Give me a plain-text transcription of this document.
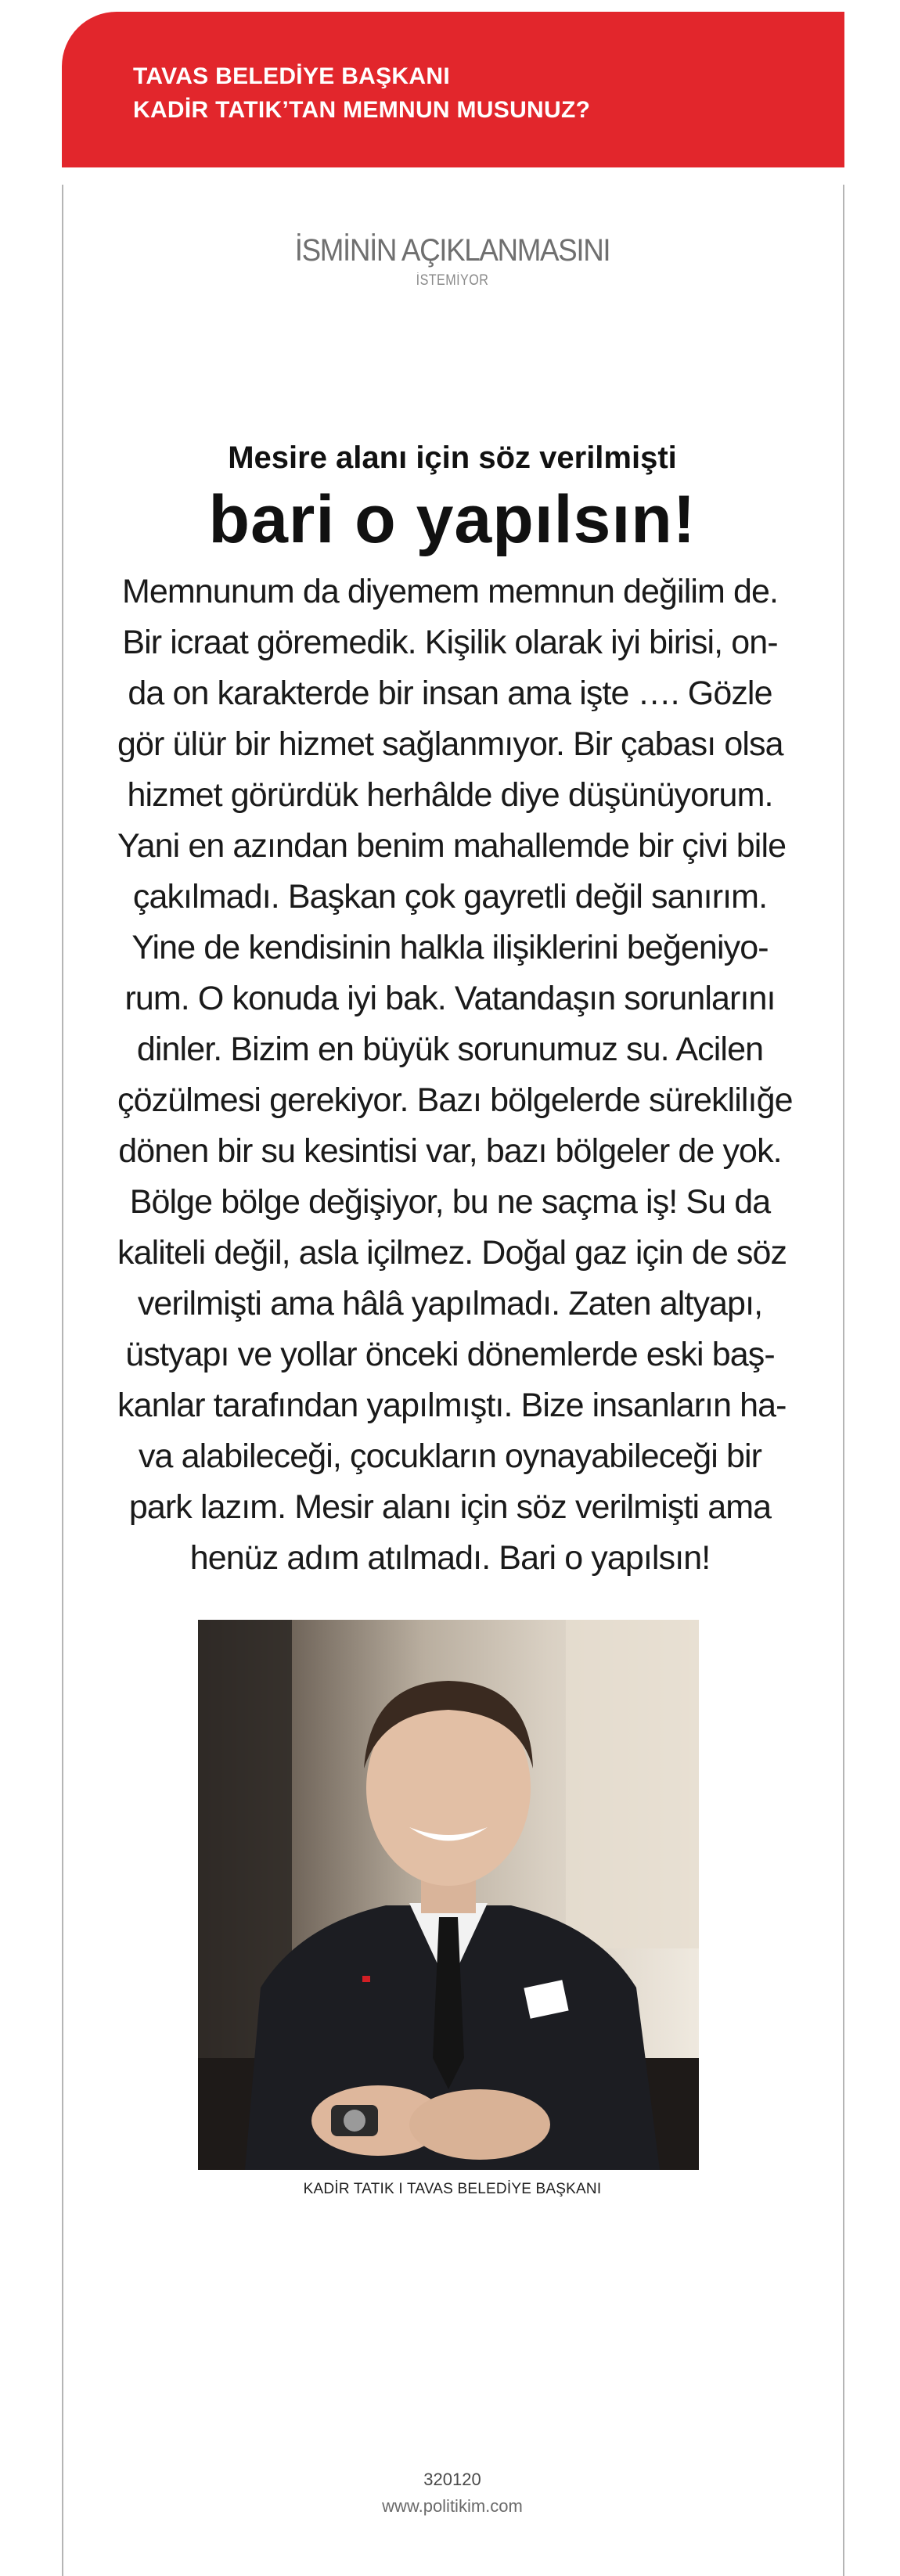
TAVAS BELEDİYE BAŞKANI
KADİR TATIK’TAN MEMNUN MUSUNUZ?
İSMİNİN AÇIKLANMASINI
İSTEMİYOR
Mesire alanı için söz verilmişti
bari o yapılsın!
Memnunum da diyemem memnun değilim de.
Bir icraat göremedik. Kişilik olarak iyi birisi, on-
da on karakterde bir insan ama işte …. Gözle
gör ülür bir hizmet sağlanmıyor. Bir çabası olsa
hizmet görürdük herhâlde diye düşünüyorum.
Yani en azından benim mahallemde bir çivi bile
çakılmadı. Başkan çok gayretli değil sanırım.
Yine de kendisinin halkla ilişiklerini beğeniyo-
rum. O konuda iyi bak. Vatandaşın sorunlarını
dinler. Bizim en büyük sorunumuz su. Acilen
çözülmesi gerekiyor. Bazı bölgelerde süreklilığe
dönen bir su kesintisi var, bazı bölgeler de yok.
Bölge bölge değişiyor, bu ne saçma iş! Su da
kaliteli değil, asla içilmez. Doğal gaz için de söz
verilmişti ama hâlâ yapılmadı. Zaten altyapı,
üstyapı ve yollar önceki dönemlerde eski baş-
kanlar tarafından yapılmıştı. Bize insanların ha-
va alabileceği, çocukların oynayabileceği bir
park lazım. Mesir alanı için söz verilmişti ama
henüz adım atılmadı. Bari o yapılsın!
KADİR TATIK I TAVAS BELEDİYE BAŞKANI
320120
www.politikim.com
